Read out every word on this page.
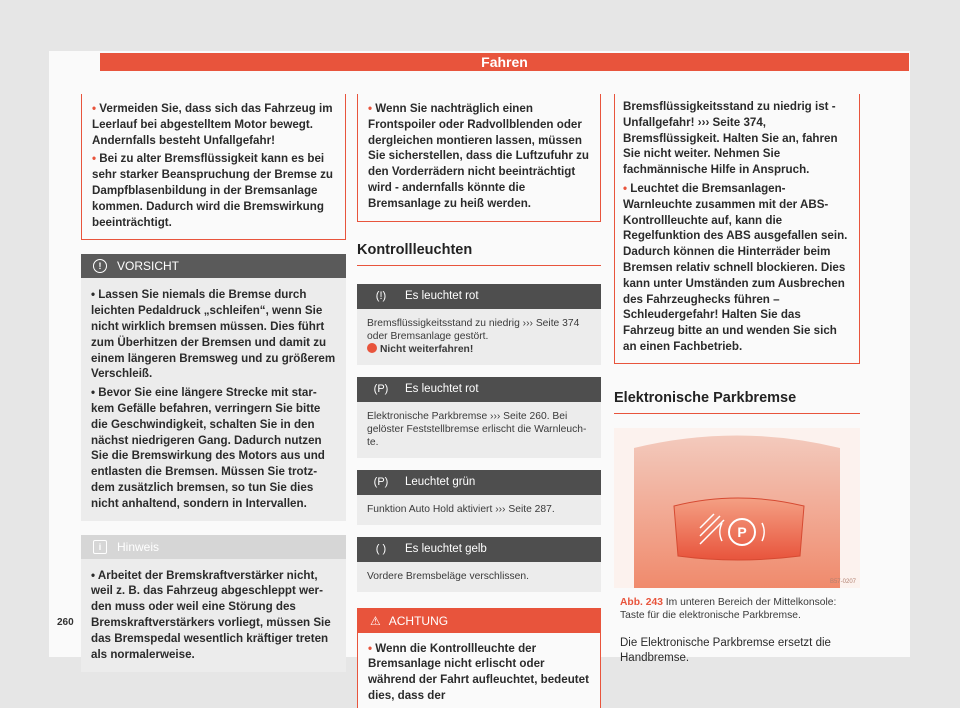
Fahren

• Vermeiden Sie, dass sich das Fahrzeug im Leerlauf bei abgestelltem Motor bewegt. Andernfalls besteht Unfallgefahr!

• Bei zu alter Bremsflüssigkeit kann es bei sehr starker Beanspruchung der Bremse zu Dampfblasenbildung in der Bremsanlage kommen. Dadurch wird die Bremswirkung beeinträchtigt.

!	VORSICHT

• Lassen Sie niemals die Bremse durch leichten Pedaldruck „schleifen“, wenn Sie nicht wirklich bremsen müssen. Dies führt zum Überhitzen der Bremsen und damit zu einem längeren Bremsweg und zu größerem Verschleiß.

• Bevor Sie eine längere Strecke mit starkem Gefälle befahren, verringern Sie bitte die Geschwindigkeit, schalten Sie in den nächst niedrigeren Gang. Dadurch nutzen Sie die Bremswirkung des Motors aus und entlasten die Bremsen. Müssen Sie trotzdem zusätzlich bremsen, so tun Sie dies nicht anhaltend, sondern in Intervallen.

i	Hinweis

• Arbeitet der Bremskraftverstärker nicht, weil z. B. das Fahrzeug abgeschleppt werden muss oder weil eine Störung des Bremskraftverstärkers vorliegt, müssen Sie das Bremspedal wesentlich kräftiger treten als normalerweise.

• Wenn Sie nachträglich einen Frontspoiler oder Radvollblenden oder dergleichen montieren lassen, müssen Sie sicherstellen, dass die Luftzufuhr zu den Vorderrädern nicht beeinträchtigt wird - andernfalls könnte die Bremsanlage zu heiß werden.

Kontrollleuchten
(!)	Es leuchtet rot
Bremsflüssigkeitsstand zu niedrig ››› Seite 374 oder Bremsanlage gestört.
Nicht weiterfahren!
(P)	Es leuchtet rot
Elektronische Parkbremse ››› Seite 260. Bei gelöster Feststellbremse erlischt die Warnleuchte.
(P)	Leuchtet grün
Funktion Auto Hold aktiviert ››› Seite 287.
( )	Es leuchtet gelb
Vordere Bremsbeläge verschlissen.
⚠ ACHTUNG

• Wenn die Kontrollleuchte der Bremsanlage nicht erlischt oder während der Fahrt aufleuchtet, bedeutet dies, dass der

Bremsflüssigkeitsstand zu niedrig ist - Unfallgefahr! ››› Seite 374, Bremsflüssigkeit. Halten Sie an, fahren Sie nicht weiter. Nehmen Sie fachmännische Hilfe in Anspruch.

• Leuchtet die Bremsanlagen-Warnleuchte zusammen mit der ABS-Kontrollleuchte auf, kann die Regelfunktion des ABS ausgefallen sein. Dadurch können die Hinterräder beim Bremsen relativ schnell blockieren. Dies kann unter Umständen zum Ausbrechen des Fahrzeughecks führen – Schleudergefahr! Halten Sie das Fahrzeug bitte an und wenden Sie sich an einen Fachbetrieb.

Elektronische Parkbremse
P
B57-0207
Abb. 243 Im unteren Bereich der Mittelkonsole: Taste für die elektronische Parkbremse.

Die Elektronische Parkbremse ersetzt die Handbremse.

260
